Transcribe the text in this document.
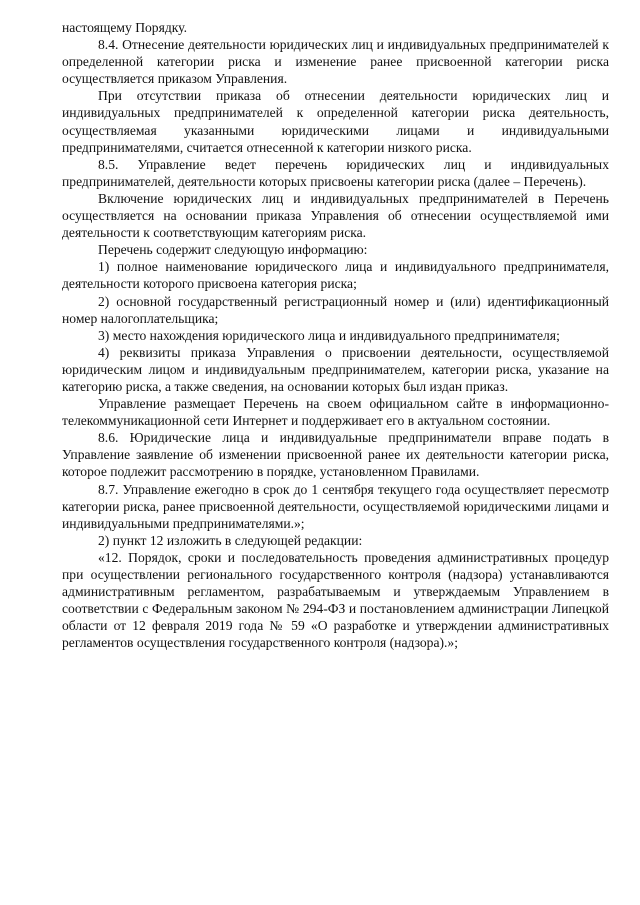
настоящему Порядку.

8.4. Отнесение деятельности юридических лиц и индивидуальных предпринимателей к определенной категории риска и изменение ранее присвоенной категории риска осуществляется приказом Управления.

При отсутствии приказа об отнесении деятельности юридических лиц и индивидуальных предпринимателей к определенной категории риска деятельность, осуществляемая указанными юридическими лицами и индивидуальными предпринимателями, считается отнесенной к категории низкого риска.

8.5. Управление ведет перечень юридических лиц и индивидуальных предпринимателей, деятельности которых присвоены категории риска (далее – Перечень).

Включение юридических лиц и индивидуальных предпринимателей в Перечень осуществляется на основании приказа Управления об отнесении осуществляемой ими деятельности к соответствующим категориям риска.

Перечень содержит следующую информацию:

1) полное наименование юридического лица и индивидуального предпринимателя, деятельности которого присвоена категория риска;

2) основной государственный регистрационный номер и (или) идентификационный номер налогоплательщика;

3) место нахождения юридического лица и индивидуального предпринимателя;

4) реквизиты приказа Управления о присвоении деятельности, осуществляемой юридическим лицом и индивидуальным предпринимателем, категории риска, указание на категорию риска, а также сведения, на основании которых был издан приказ.

Управление размещает Перечень на своем официальном сайте в информационно-телекоммуникационной сети Интернет и поддерживает его в актуальном состоянии.

8.6. Юридические лица и индивидуальные предприниматели вправе подать в Управление заявление об изменении присвоенной ранее их деятельности категории риска, которое подлежит рассмотрению в порядке, установленном Правилами.

8.7. Управление ежегодно в срок до 1 сентября текущего года осуществляет пересмотр категории риска, ранее присвоенной деятельности, осуществляемой юридическими лицами и индивидуальными предпринимателями.»;

2) пункт 12 изложить в следующей редакции:

«12. Порядок, сроки и последовательность проведения административных процедур при осуществлении регионального государственного контроля (надзора) устанавливаются административным регламентом, разрабатываемым и утверждаемым Управлением в соответствии с Федеральным законом № 294-ФЗ и постановлением администрации Липецкой области от 12 февраля 2019 года № 59 «О разработке и утверждении административных регламентов осуществления государственного контроля (надзора).»;
